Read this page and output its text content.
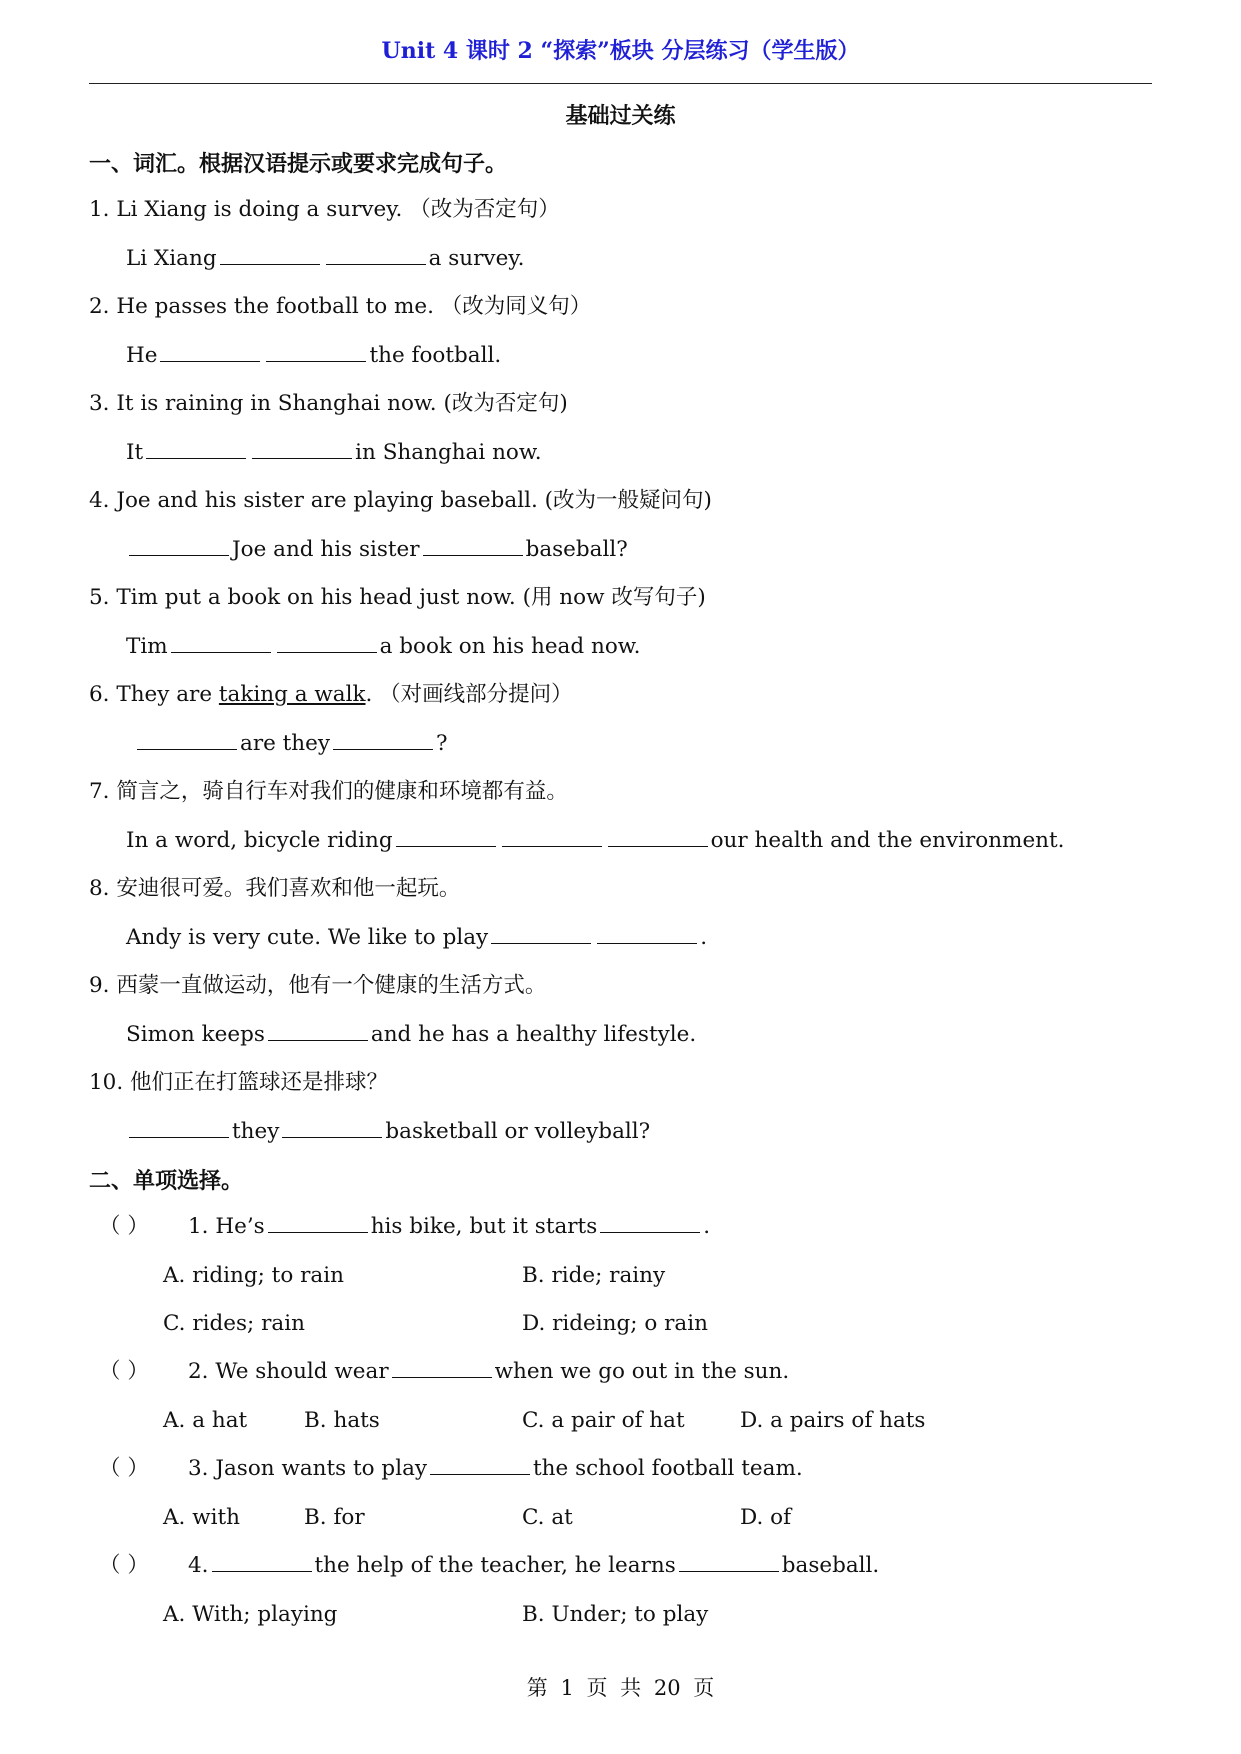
Unit 4 课时 2 “探索”板块 分层练习（学生版）
基础过关练
一、词汇。根据汉语提示或要求完成句子。
1. Li Xiang is doing a survey. （改为否定句）
Li Xiang	a survey.
2. He passes the football to me. （改为同义句）
He	the football.
3. It is raining in Shanghai now. (改为否定句)
It	in Shanghai now.
4. Joe and his sister are playing baseball. (改为一般疑问句)
Joe and his sister	baseball?
5. Tim put a book on his head just now. (用 now 改写句子)
Tim	a book on his head now.
6. They are taking a walk. （对画线部分提问）
are they	?
7. 简言之，骑自行车对我们的健康和环境都有益。
In a word, bicycle riding	our health and the environment.
8. 安迪很可爱。我们喜欢和他一起玩。
Andy is very cute. We like to play	.
9. 西蒙一直做运动，他有一个健康的生活方式。
Simon keeps	and he has a healthy lifestyle.
10. 他们正在打篮球还是排球？
they	basketball or volleyball?
二、单项选择。
（ ） 1. He’s	his bike, but it starts	.
A. riding; to rain	B. ride; rainy
C. rides; rain	D. rideing; o rain
（ ） 2. We should wear	when we go out in the sun.
A. a hat	B. hats	C. a pair of hat	D. a pairs of hats
（ ） 3. Jason wants to play	the school football team.
A. with	B. for	C. at	D. of
（ ） 4.	the help of the teacher, he learns	baseball.
A. With; playing	B. Under; to play
第 1 页 共 20 页
